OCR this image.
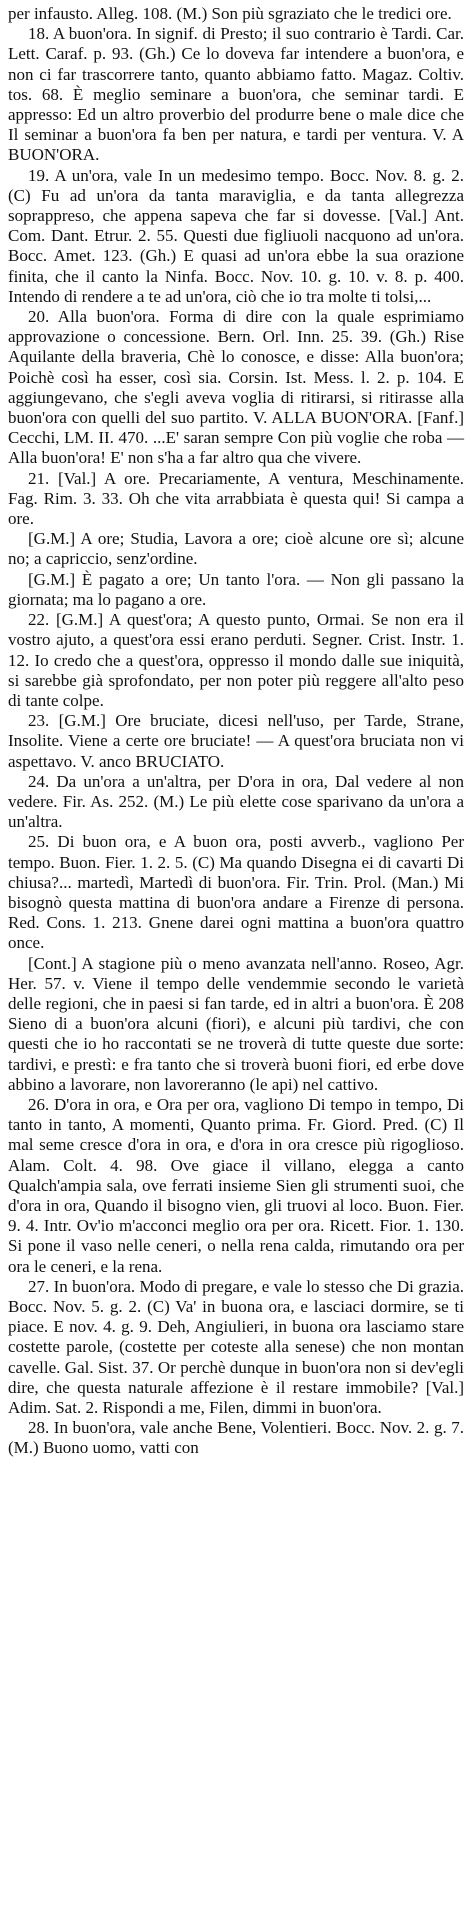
per infausto. Alleg. 108. (M.) Son più sgraziato che le tredici ore.

18. A buon'ora. In signif. di Presto; il suo contrario è Tardi. Car. Lett. Caraf. p. 93. (Gh.) Ce lo doveva far intendere a buon'ora, e non ci far trascorrere tanto, quanto abbiamo fatto. Magaz. Coltiv. tos. 68. È meglio seminare a buon'ora, che seminar tardi. E appresso: Ed un altro proverbio del produrre bene o male dice che Il seminar a buon'ora fa ben per natura, e tardi per ventura. V. A BUON'ORA.

19. A un'ora, vale In un medesimo tempo. Bocc. Nov. 8. g. 2. (C) Fu ad un'ora da tanta maraviglia, e da tanta allegrezza soprappreso, che appena sapeva che far si dovesse. [Val.] Ant. Com. Dant. Etrur. 2. 55. Questi due figliuoli nacquono ad un'ora. Bocc. Amet. 123. (Gh.) E quasi ad un'ora ebbe la sua orazione finita, che il canto la Ninfa. Bocc. Nov. 10. g. 10. v. 8. p. 400. Intendo di rendere a te ad un'ora, ciò che io tra molte ti tolsi,...

20. Alla buon'ora. Forma di dire con la quale esprimiamo approvazione o concessione. Bern. Orl. Inn. 25. 39. (Gh.) Rise Aquilante della braveria, Chè lo conosce, e disse: Alla buon'ora; Poichè così ha esser, così sia. Corsin. Ist. Mess. l. 2. p. 104. E aggiungevano, che s'egli aveva voglia di ritirarsi, si ritirasse alla buon'ora con quelli del suo partito. V. ALLA BUON'ORA. [Fanf.] Cecchi, LM. II. 470. ...E' saran sempre Con più voglie che roba — Alla buon'ora! E' non s'ha a far altro qua che vivere.

21. [Val.] A ore. Precariamente, A ventura, Meschinamente. Fag. Rim. 3. 33. Oh che vita arrabbiata è questa qui! Si campa a ore.

[G.M.] A ore; Studia, Lavora a ore; cioè alcune ore sì; alcune no; a capriccio, senz'ordine.

[G.M.] È pagato a ore; Un tanto l'ora. — Non gli passano la giornata; ma lo pagano a ore.

22. [G.M.] A quest'ora; A questo punto, Ormai. Se non era il vostro ajuto, a quest'ora essi erano perduti. Segner. Crist. Instr. 1. 12. Io credo che a quest'ora, oppresso il mondo dalle sue iniquità, si sarebbe già sprofondato, per non poter più reggere all'alto peso di tante colpe.

23. [G.M.] Ore bruciate, dicesi nell'uso, per Tarde, Strane, Insolite. Viene a certe ore bruciate! — A quest'ora bruciata non vi aspettavo. V. anco BRUCIATO.

24. Da un'ora a un'altra, per D'ora in ora, Dal vedere al non vedere. Fir. As. 252. (M.) Le più elette cose sparivano da un'ora a un'altra.

25. Di buon ora, e A buon ora, posti avverb., vagliono Per tempo. Buon. Fier. 1. 2. 5. (C) Ma quando Disegna ei di cavarti Di chiusa?... martedì, Martedì di buon'ora. Fir. Trin. Prol. (Man.) Mi bisognò questa mattina di buon'ora andare a Firenze di persona. Red. Cons. 1. 213. Gnene darei ogni mattina a buon'ora quattro once.

[Cont.] A stagione più o meno avanzata nell'anno. Roseo, Agr. Her. 57. v. Viene il tempo delle vendemmie secondo le varietà delle regioni, che in paesi si fan tarde, ed in altri a buon'ora. È 208 Sieno di a buon'ora alcuni (fiori), e alcuni più tardivi, che con questi che io ho raccontati se ne troverà di tutte queste due sorte: tardivi, e prestì: e fra tanto che si troverà buoni fiori, ed erbe dove abbino a lavorare, non lavoreranno (le api) nel cattivo.

26. D'ora in ora, e Ora per ora, vagliono Di tempo in tempo, Di tanto in tanto, A momenti, Quanto prima. Fr. Giord. Pred. (C) Il mal seme cresce d'ora in ora, e d'ora in ora cresce più rigoglioso. Alam. Colt. 4. 98. Ove giace il villano, elegga a canto Qualch'ampia sala, ove ferrati insieme Sien gli strumenti suoi, che d'ora in ora, Quando il bisogno vien, gli truovi al loco. Buon. Fier. 9. 4. Intr. Ov'io m'acconci meglio ora per ora. Ricett. Fior. 1. 130. Si pone il vaso nelle ceneri, o nella rena calda, rimutando ora per ora le ceneri, e la rena.

27. In buon'ora. Modo di pregare, e vale lo stesso che Di grazia. Bocc. Nov. 5. g. 2. (C) Va' in buona ora, e lasciaci dormire, se ti piace. E nov. 4. g. 9. Deh, Angiulieri, in buona ora lasciamo stare costette parole, (costette per cotestе alla senese) che non montan cavelle. Gal. Sist. 37. Or perchè dunque in buon'ora non si dev'egli dire, che questa naturale affezione è il restare immobile? [Val.] Adim. Sat. 2. Rispondi a me, Filen, dimmi in buon'ora.

28. In buon'ora, vale anche Bene, Volentieri. Bocc. Nov. 2. g. 7. (M.) Buono uomo, vatti con
